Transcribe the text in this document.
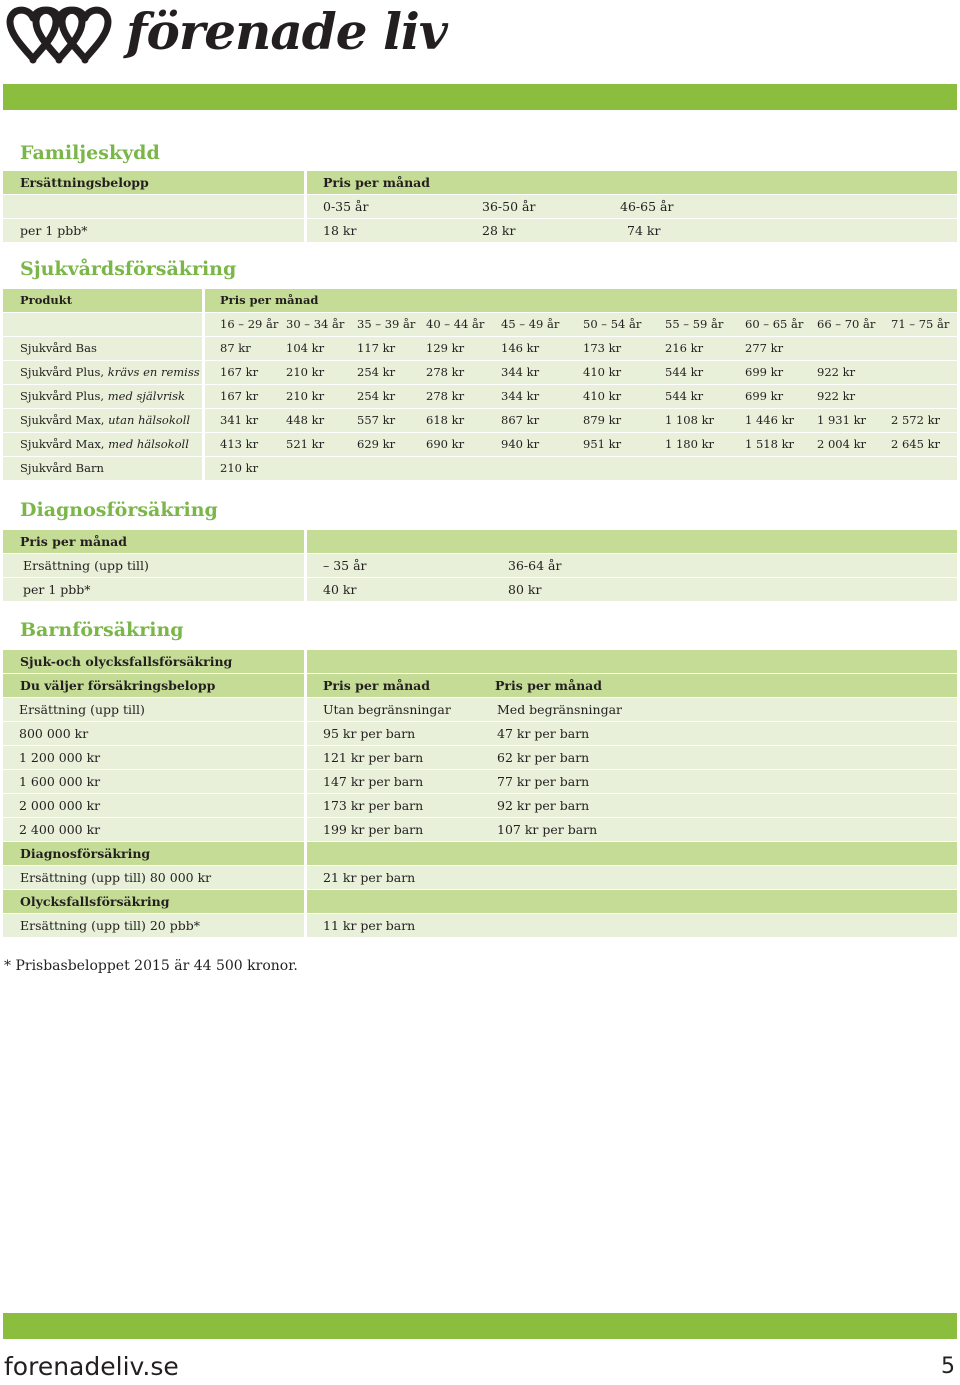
förenade liv
Familjeskydd
Ersättningsbelopp	Pris per månad
0-35 år	36-50 år	46-65 år
per 1 pbb*	18 kr	28 kr	74 kr
Sjukvårdsförsäkring
Produkt	Pris per månad
16 – 29 år 30 – 34 år 35 – 39 år 40 – 44 år 45 – 49 år 50 – 54 år 55 – 59 år 60 – 65 år 66 – 70 år 71 – 75 år
Sjukvård Bas	87 kr	104 kr	117 kr	129 kr	146 kr	173 kr	216 kr	277 kr
Sjukvård Plus, krävs en remiss 167 kr 210 kr	254 kr	278 kr	344 kr	410 kr	544 kr	699 kr	922 kr
Sjukvård Plus, med självrisk	167 kr 210 kr	254 kr	278 kr	344 kr	410 kr	544 kr	699 kr	922 kr
Sjukvård Max, utan hälsokoll	341 kr 448 kr	557 kr	618 kr	867 kr	879 kr	1 108 kr	1 446 kr 1 931 kr 2 572 kr
Sjukvård Max, med hälsokoll	413 kr 521 kr	629 kr	690 kr	940 kr	951 kr	1 180 kr	1 518 kr 2 004 kr 2 645 kr
Sjukvård Barn	210 kr
Diagnosförsäkring
Pris per månad
Ersättning (upp till)	– 35 år	36-64 år
per 1 pbb*	40 kr	80 kr
Barnförsäkring
Sjuk-och olycksfallsförsäkring
Du väljer försäkringsbelopp	Pris per månad	Pris per månad
Ersättning (upp till)	Utan begränsningar	Med begränsningar
800 000 kr	95 kr per barn	47 kr per barn
1 200 000 kr	121 kr per barn	62 kr per barn
1 600 000 kr	147 kr per barn	77 kr per barn
2 000 000 kr	173 kr per barn	92 kr per barn
2 400 000 kr	199 kr per barn	107 kr per barn
Diagnosförsäkring
Ersättning (upp till) 80 000 kr	21 kr per barn
Olycksfallsförsäkring
Ersättning (upp till) 20 pbb*	11 kr per barn
* Prisbasbeloppet 2015 är 44 500 kronor.
forenadeliv.se	5
